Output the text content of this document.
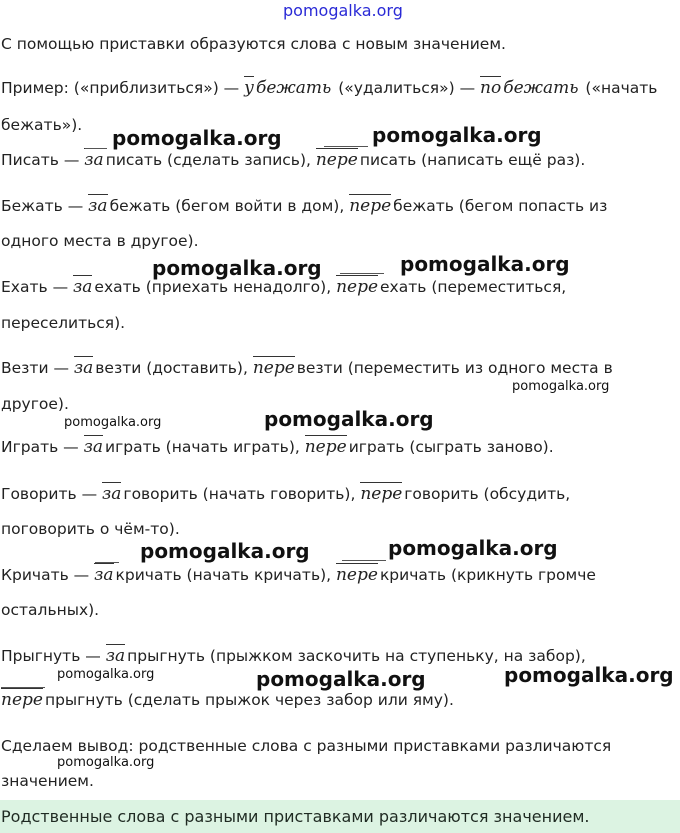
pomogalka.org
С помощью приставки образуются слова с новым значением.
Пример: («приблизиться») — у бежать («удалиться») — по бежать («начать
бежать»).
Писать — за писать (сделать запись), пере писать (написать ещё раз).
Бежать — за бежать (бегом войти в дом), пере бежать (бегом попасть из
одного места в другое).
Ехать — за ехать (приехать ненадолго), пере ехать (переместиться,
переселиться).
Везти — за везти (доставить), пере везти (переместить из одного места в
другое).
Играть — за играть (начать играть), пере играть (сыграть заново).
Говорить — за говорить (начать говорить), пере говорить (обсудить,
поговорить о чём-то).
Кричать — за кричать (начать кричать), пере кричать (крикнуть громче
остальных).
Прыгнуть — за прыгнуть (прыжком заскочить на ступеньку, на забор),
пере прыгнуть (сделать прыжок через забор или яму).
Сделаем вывод: родственные слова с разными приставками различаются
значением.
Родственные слова с разными приставками различаются значением.
pomogalka.org	pomogalka.org
pomogalka.org	pomogalka.org
pomogalka.org
pomogalka.org	pomogalka.org
pomogalka.org	pomogalka.org
pomogalka.org	pomogalka.org	pomogalka.org
pomogalka.org
